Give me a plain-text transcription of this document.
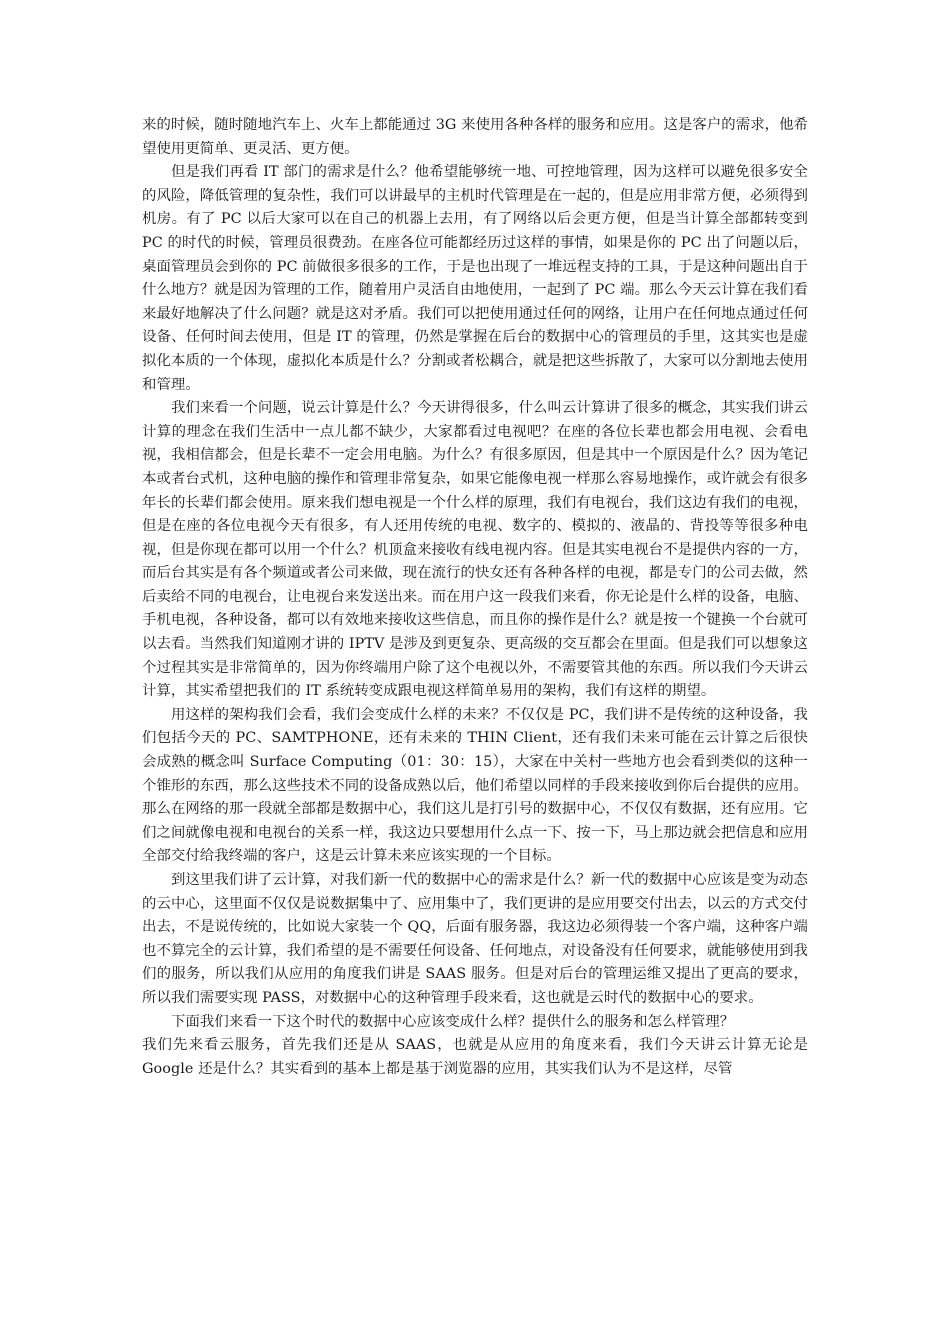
来的时候，随时随地汽车上、火车上都能通过 3G 来使用各种各样的服务和应用。这是客户的需求，他希望使用更简单、更灵活、更方便。

但是我们再看 IT 部门的需求是什么？他希望能够统一地、可控地管理，因为这样可以避免很多安全的风险，降低管理的复杂性，我们可以讲最早的主机时代管理是在一起的，但是应用非常方便，必须得到机房。有了 PC 以后大家可以在自己的机器上去用，有了网络以后会更方便，但是当计算全部都转变到 PC 的时代的时候，管理员很费劲。在座各位可能都经历过这样的事情，如果是你的 PC 出了问题以后，桌面管理员会到你的 PC 前做很多很多的工作，于是也出现了一堆远程支持的工具，于是这种问题出自于什么地方？就是因为管理的工作，随着用户灵活自由地使用，一起到了 PC 端。那么今天云计算在我们看来最好地解决了什么问题？就是这对矛盾。我们可以把使用通过任何的网络，让用户在任何地点通过任何设备、任何时间去使用，但是 IT 的管理，仍然是掌握在后台的数据中心的管理员的手里，这其实也是虚拟化本质的一个体现，虚拟化本质是什么？分割或者松耦合，就是把这些拆散了，大家可以分割地去使用和管理。

我们来看一个问题，说云计算是什么？今天讲得很多，什么叫云计算讲了很多的概念，其实我们讲云计算的理念在我们生活中一点儿都不缺少，大家都看过电视吧？在座的各位长辈也都会用电视、会看电视，我相信都会，但是长辈不一定会用电脑。为什么？有很多原因，但是其中一个原因是什么？因为笔记本或者台式机，这种电脑的操作和管理非常复杂，如果它能像电视一样那么容易地操作，或许就会有很多年长的长辈们都会使用。原来我们想电视是一个什么样的原理，我们有电视台，我们这边有我们的电视，但是在座的各位电视今天有很多，有人还用传统的电视、数字的、模拟的、液晶的、背投等等很多种电视，但是你现在都可以用一个什么？机顶盒来接收有线电视内容。但是其实电视台不是提供内容的一方，而后台其实是有各个频道或者公司来做，现在流行的快女还有各种各样的电视，都是专门的公司去做，然后卖给不同的电视台，让电视台来发送出来。而在用户这一段我们来看，你无论是什么样的设备，电脑、手机电视，各种设备，都可以有效地来接收这些信息，而且你的操作是什么？就是按一个键换一个台就可以去看。当然我们知道刚才讲的 IPTV 是涉及到更复杂、更高级的交互都会在里面。但是我们可以想象这个过程其实是非常简单的，因为你终端用户除了这个电视以外，不需要管其他的东西。所以我们今天讲云计算，其实希望把我们的 IT 系统转变成跟电视这样简单易用的架构，我们有这样的期望。

用这样的架构我们会看，我们会变成什么样的未来？不仅仅是 PC，我们讲不是传统的这种设备，我们包括今天的 PC、SAMTPHONE，还有未来的 THIN Client，还有我们未来可能在云计算之后很快会成熟的概念叫 Surface Computing（01：30：15），大家在中关村一些地方也会看到类似的这种一个锥形的东西，那么这些技术不同的设备成熟以后，他们希望以同样的手段来接收到你后台提供的应用。那么在网络的那一段就全部都是数据中心，我们这儿是打引号的数据中心，不仅仅有数据，还有应用。它们之间就像电视和电视台的关系一样，我这边只要想用什么点一下、按一下，马上那边就会把信息和应用全部交付给我终端的客户，这是云计算未来应该实现的一个目标。

到这里我们讲了云计算，对我们新一代的数据中心的需求是什么？新一代的数据中心应该是变为动态的云中心，这里面不仅仅是说数据集中了、应用集中了，我们更讲的是应用要交付出去，以云的方式交付出去，不是说传统的，比如说大家装一个 QQ，后面有服务器，我这边必须得装一个客户端，这种客户端也不算完全的云计算，我们希望的是不需要任何设备、任何地点，对设备没有任何要求，就能够使用到我们的服务，所以我们从应用的角度我们讲是 SAAS 服务。但是对后台的管理运维又提出了更高的要求，所以我们需要实现 PASS，对数据中心的这种管理手段来看，这也就是云时代的数据中心的要求。

下面我们来看一下这个时代的数据中心应该变成什么样？提供什么的服务和怎么样管理？

我们先来看云服务，首先我们还是从 SAAS，也就是从应用的角度来看，我们今天讲云计算无论是 Google 还是什么？其实看到的基本上都是基于浏览器的应用，其实我们认为不是这样，尽管
